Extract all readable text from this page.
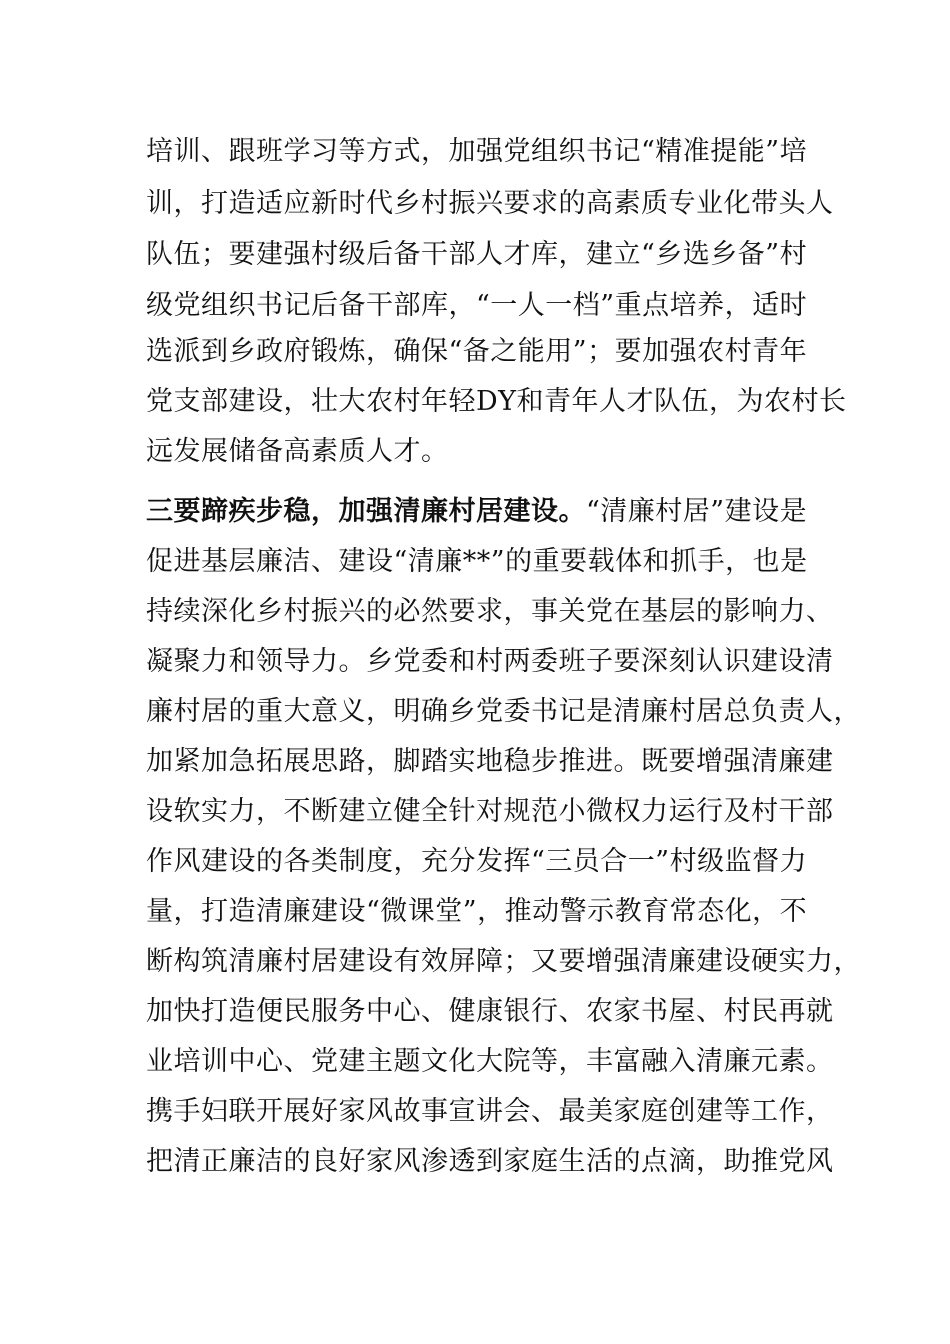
培训、跟班学习等方式，加强党组织书记“精准提能”培
训，打造适应新时代乡村振兴要求的高素质专业化带头人
队伍；要建强村级后备干部人才库，建立“乡选乡备”村
级党组织书记后备干部库，“一人一档”重点培养，适时
选派到乡政府锻炼，确保“备之能用”；要加强农村青年
党支部建设，壮大农村年轻DY和青年人才队伍，为农村长
远发展储备高素质人才。
三要蹄疾步稳，加强清廉村居建设。“清廉村居”建设是
促进基层廉洁、建设“清廉**”的重要载体和抓手，也是
持续深化乡村振兴的必然要求，事关党在基层的影响力、
凝聚力和领导力。乡党委和村两委班子要深刻认识建设清
廉村居的重大意义，明确乡党委书记是清廉村居总负责人，
加紧加急拓展思路，脚踏实地稳步推进。既要增强清廉建
设软实力，不断建立健全针对规范小微权力运行及村干部
作风建设的各类制度，充分发挥“三员合一”村级监督力
量，打造清廉建设“微课堂”，推动警示教育常态化，不
断构筑清廉村居建设有效屏障；又要增强清廉建设硬实力，
加快打造便民服务中心、健康银行、农家书屋、村民再就
业培训中心、党建主题文化大院等，丰富融入清廉元素。
携手妇联开展好家风故事宣讲会、最美家庭创建等工作，
把清正廉洁的良好家风渗透到家庭生活的点滴，助推党风
